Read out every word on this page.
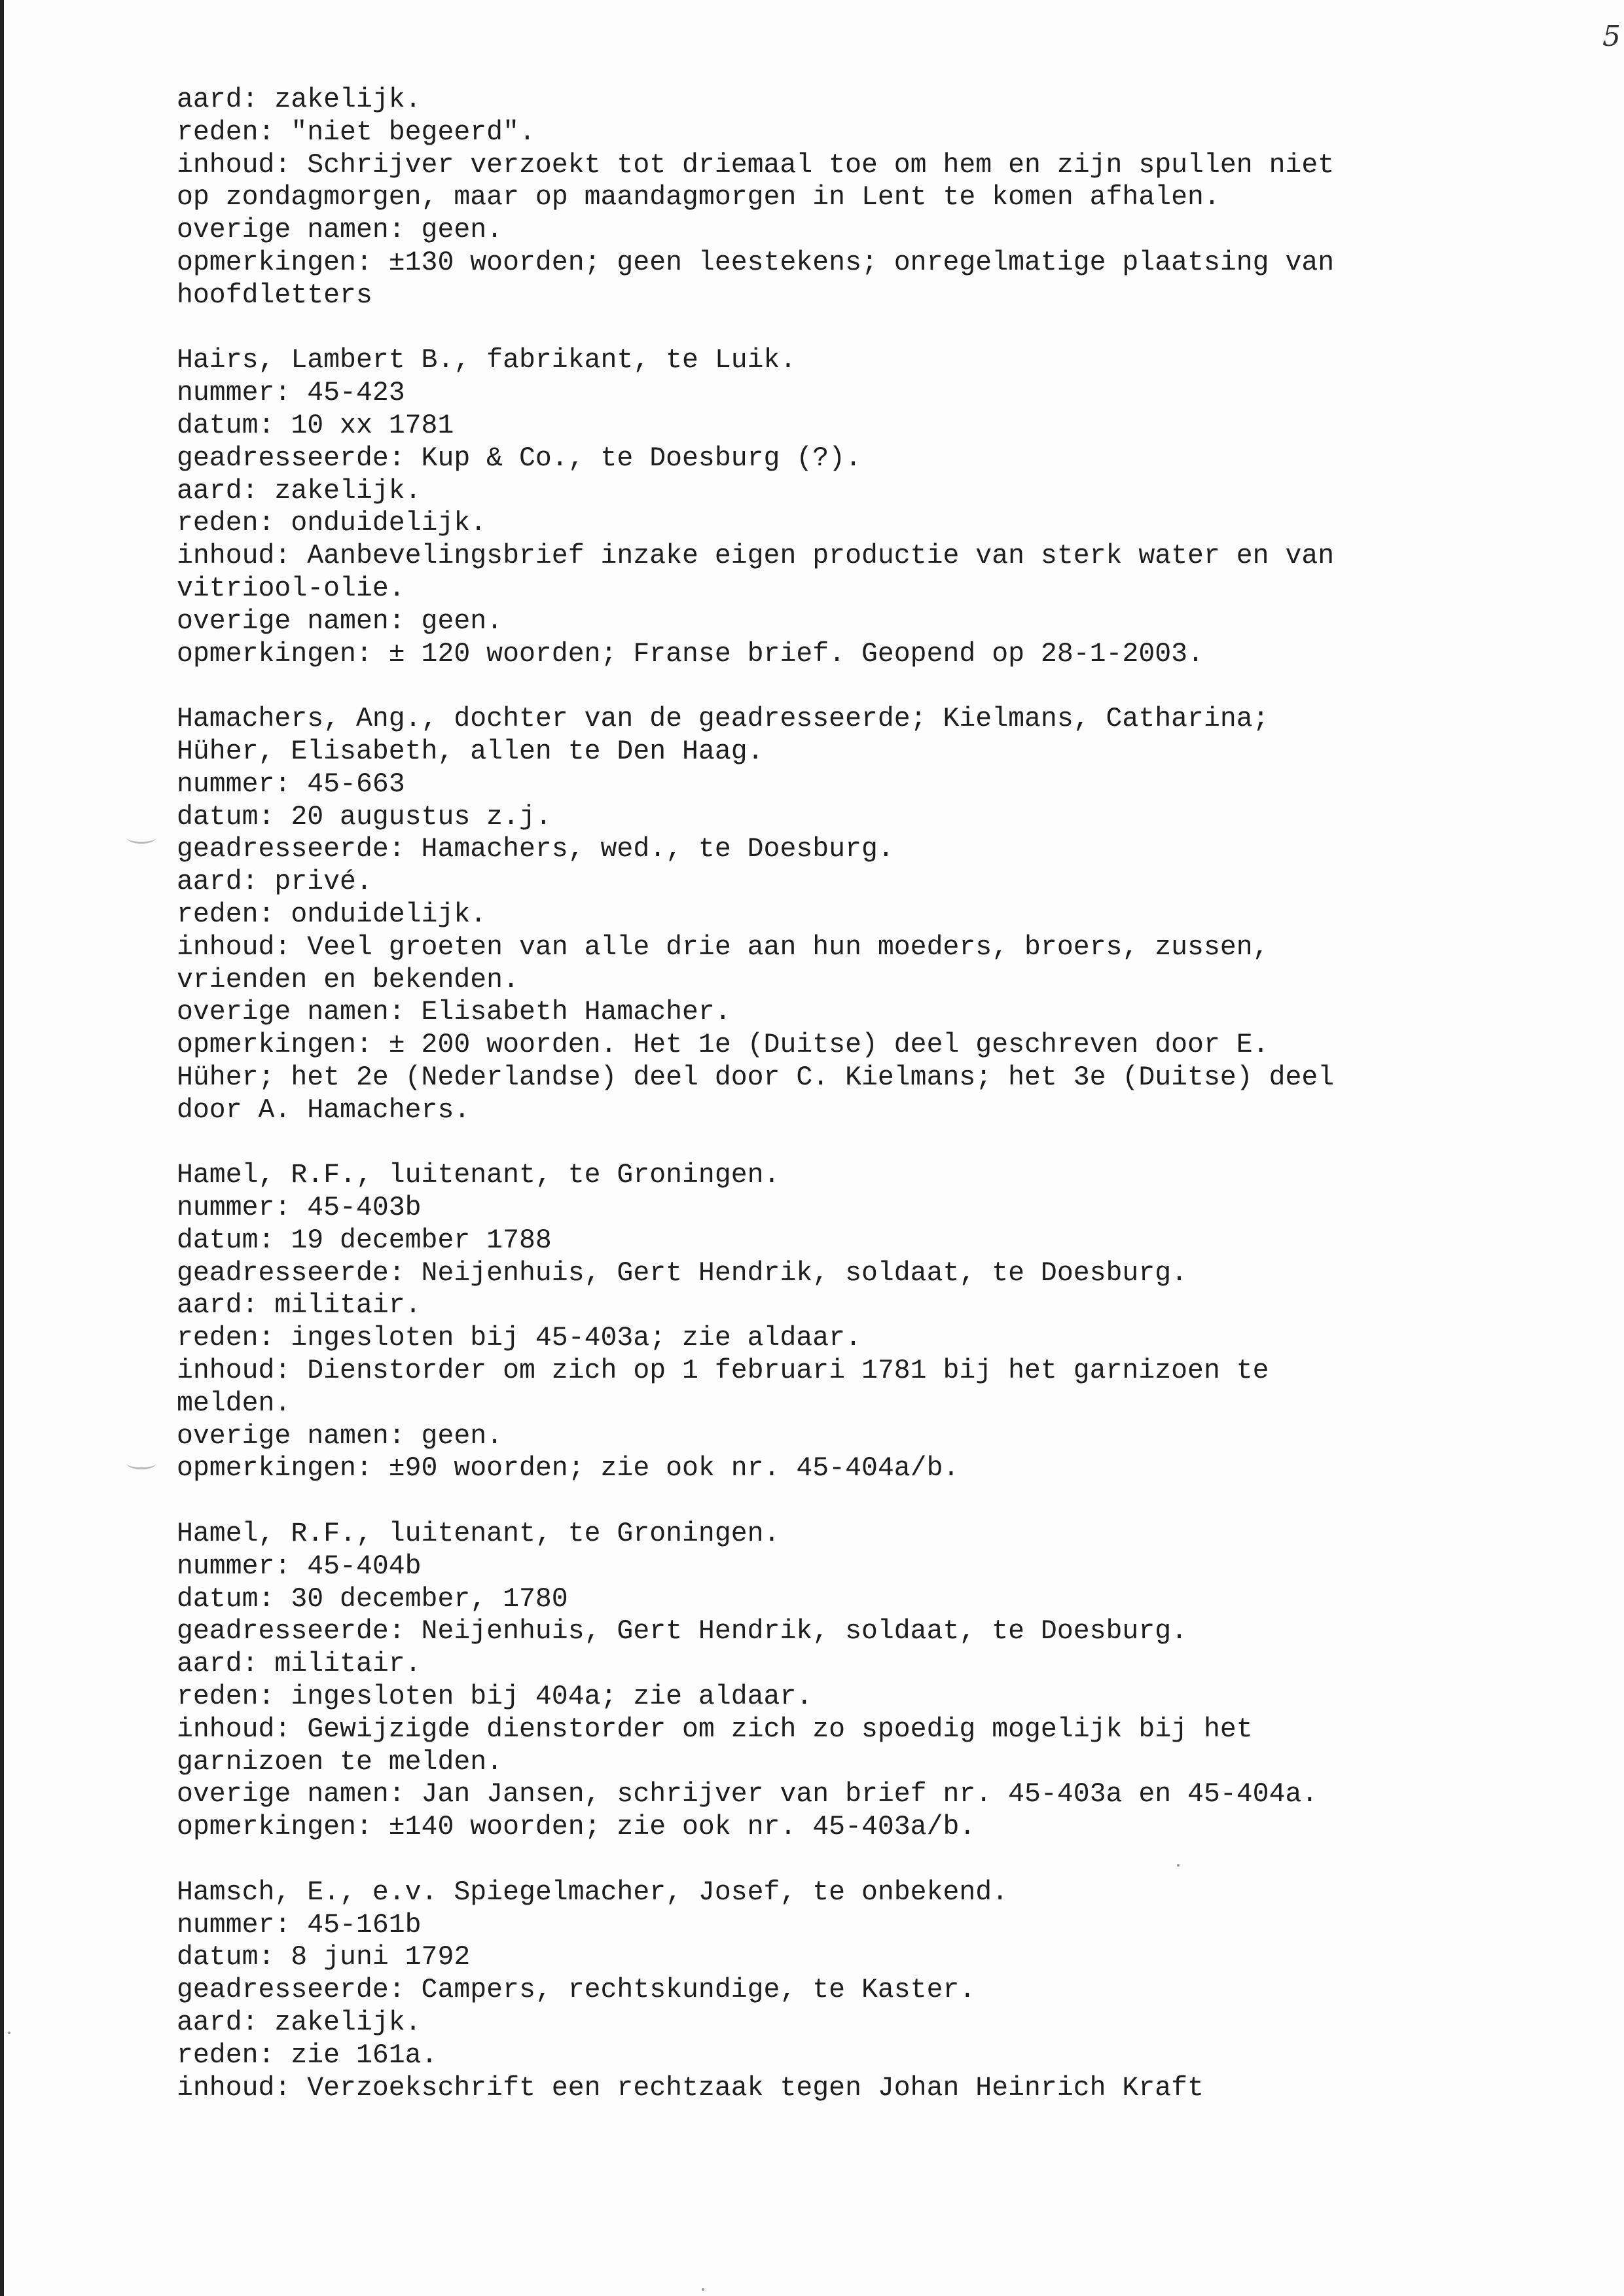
5
aard: zakelijk.
reden: "niet begeerd".
inhoud: Schrijver verzoekt tot driemaal toe om hem en zijn spullen niet
op zondagmorgen, maar op maandagmorgen in Lent te komen afhalen.
overige namen: geen.
opmerkingen: ±130 woorden; geen leestekens; onregelmatige plaatsing van
hoofdletters
Hairs, Lambert B., fabrikant, te Luik.
nummer: 45-423
datum: 10 xx 1781
geadresseerde: Kup & Co., te Doesburg (?).
aard: zakelijk.
reden: onduidelijk.
inhoud: Aanbevelingsbrief inzake eigen productie van sterk water en van
vitriool-olie.
overige namen: geen.
opmerkingen: ± 120 woorden; Franse brief. Geopend op 28-1-2003.
Hamachers, Ang., dochter van de geadresseerde; Kielmans, Catharina;
Hüher, Elisabeth, allen te Den Haag.
nummer: 45-663
datum: 20 augustus z.j.
geadresseerde: Hamachers, wed., te Doesburg.
aard: privé.
reden: onduidelijk.
inhoud: Veel groeten van alle drie aan hun moeders, broers, zussen,
vrienden en bekenden.
overige namen: Elisabeth Hamacher.
opmerkingen: ± 200 woorden. Het 1e (Duitse) deel geschreven door E.
Hüher; het 2e (Nederlandse) deel door C. Kielmans; het 3e (Duitse) deel
door A. Hamachers.
Hamel, R.F., luitenant, te Groningen.
nummer: 45-403b
datum: 19 december 1788
geadresseerde: Neijenhuis, Gert Hendrik, soldaat, te Doesburg.
aard: militair.
reden: ingesloten bij 45-403a; zie aldaar.
inhoud: Dienstorder om zich op 1 februari 1781 bij het garnizoen te
melden.
overige namen: geen.
opmerkingen: ±90 woorden; zie ook nr. 45-404a/b.
Hamel, R.F., luitenant, te Groningen.
nummer: 45-404b
datum: 30 december, 1780
geadresseerde: Neijenhuis, Gert Hendrik, soldaat, te Doesburg.
aard: militair.
reden: ingesloten bij 404a; zie aldaar.
inhoud: Gewijzigde dienstorder om zich zo spoedig mogelijk bij het
garnizoen te melden.
overige namen: Jan Jansen, schrijver van brief nr. 45-403a en 45-404a.
opmerkingen: ±140 woorden; zie ook nr. 45-403a/b.
Hamsch, E., e.v. Spiegelmacher, Josef, te onbekend.
nummer: 45-161b
datum: 8 juni 1792
geadresseerde: Campers, rechtskundige, te Kaster.
aard: zakelijk.
reden: zie 161a.
inhoud: Verzoekschrift een rechtzaak tegen Johan Heinrich Kraft
